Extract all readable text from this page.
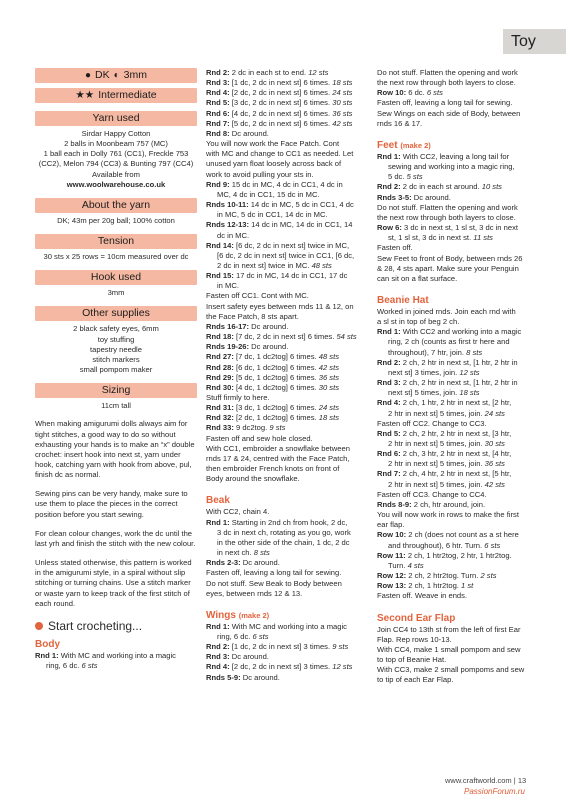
Toy
● DK ◐ 3mm
★★ Intermediate
Yarn used
Sirdar Happy Cotton
2 balls in Moonbeam 757 (MC)
1 ball each in Dolly 761 (CC1), Freckle 753
(CC2), Melon 794 (CC3) & Bunting 797 (CC4)
Available from
www.woolwarehouse.co.uk
About the yarn
DK; 43m per 20g ball; 100% cotton
Tension
30 sts x 25 rows = 10cm measured over dc
Hook used
3mm
Other supplies
2 black safety eyes, 6mm
toy stuffing
tapestry needle
stitch markers
small pompom maker
Sizing
11cm tall

When making amigurumi dolls always aim for tight stitches, a good way to do so without exhausting your hands is to make an “x” double crochet: insert hook into next st, yarn under hook, catching yarn with hook from above, pul, finish dc as normal.

Sewing pins can be very handy, make sure to use them to place the pieces in the correct position before you start sewing.

For clean colour changes, work the dc until the last yrh and finish the stitch with the new colour.

Unless stated otherwise, this pattern is worked in the amigurumi style, in a spiral without slip stitching or turning chains. Use a stitch marker or waste yarn to keep track of the first stitch of each round.

Start crocheting...
Body
Rnd 1: With MC and working into a magic
ring, 6 dc. 6 sts
Rnd 2: 2 dc in each st to end. 12 sts
Rnd 3: [1 dc, 2 dc in next st] 6 times. 18 sts
Rnd 4: [2 dc, 2 dc in next st] 6 times. 24 sts
Rnd 5: [3 dc, 2 dc in next st] 6 times. 30 sts
Rnd 6: [4 dc, 2 dc in next st] 6 times. 36 sts
Rnd 7: [5 dc, 2 dc in next st] 6 times. 42 sts
Rnd 8: Dc around.
You will now work the Face Patch. Cont
with MC and change to CC1 as needed. Let
unused yarn float loosely across back of
work to avoid pulling your sts in.
Rnd 9: 15 dc in MC, 4 dc in CC1, 4 dc in
MC, 4 dc in CC1, 15 dc in MC.
Rnds 10-11: 14 dc in MC, 5 dc in CC1, 4 dc
in MC, 5 dc in CC1, 14 dc in MC.
Rnds 12-13: 14 dc in MC, 14 dc in CC1, 14
dc in MC.
Rnd 14: [6 dc, 2 dc in next st] twice in MC,
[6 dc, 2 dc in next st] twice in CC1, [6 dc,
2 dc in next st] twice in MC. 48 sts
Rnd 15: 17 dc in MC, 14 dc in CC1, 17 dc
in MC.
Fasten off CC1. Cont with MC.
Insert safety eyes between rnds 11 & 12, on
the Face Patch, 8 sts apart.
Rnds 16-17: Dc around.
Rnd 18: [7 dc, 2 dc in next st] 6 times. 54 sts
Rnds 19-26: Dc around.
Rnd 27: [7 dc, 1 dc2tog] 6 times. 48 sts
Rnd 28: [6 dc, 1 dc2tog] 6 times. 42 sts
Rnd 29: [5 dc, 1 dc2tog] 6 times. 36 sts
Rnd 30: [4 dc, 1 dc2tog] 6 times. 30 sts
Stuff firmly to here.
Rnd 31: [3 dc, 1 dc2tog] 6 times. 24 sts
Rnd 32: [2 dc, 1 dc2tog] 6 times. 18 sts
Rnd 33: 9 dc2tog. 9 sts
Fasten off and sew hole closed.
With CC1, embroider a snowflake between
rnds 17 & 24, centred with the Face Patch,
then embroider French knots on front of
Body around the snowflake.
Beak
With CC2, chain 4.
Rnd 1: Starting in 2nd ch from hook, 2 dc,
3 dc in next ch, rotating as you go, work
in the other side of the chain, 1 dc, 2 dc
in next ch. 8 sts
Rnds 2-3: Dc around.
Fasten off, leaving a long tail for sewing.
Do not stuff. Sew Beak to Body between
eyes, between rnds 12 & 13.
Wings (make 2)
Rnd 1: With MC and working into a magic
ring, 6 dc. 6 sts
Rnd 2: [1 dc, 2 dc in next st] 3 times. 9 sts
Rnd 3: Dc around.
Rnd 4: [2 dc, 2 dc in next st] 3 times. 12 sts
Rnds 5-9: Dc around.
Do not stuff. Flatten the opening and work
the next row through both layers to close.
Row 10: 6 dc. 6 sts
Fasten off, leaving a long tail for sewing.
Sew Wings on each side of Body, between
rnds 16 & 17.
Feet (make 2)
Rnd 1: With CC2, leaving a long tail for
sewing and working into a magic ring,
5 dc. 5 sts
Rnd 2: 2 dc in each st around. 10 sts
Rnds 3-5: Dc around.
Do not stuff. Flatten the opening and work
the next row through both layers to close.
Row 6: 3 dc in next st, 1 sl st, 3 dc in next
st, 1 sl st, 3 dc in next st. 11 sts
Fasten off.
Sew Feet to front of Body, between rnds 26
& 28, 4 sts apart. Make sure your Penguin
can sit on a flat surface.
Beanie Hat
Worked in joined rnds. Join each rnd with
a sl st in top of beg 2 ch.
Rnd 1: With CC2 and working into a magic
ring, 2 ch (counts as first tr here and
throughout), 7 htr, join. 8 sts
Rnd 2: 2 ch, 2 htr in next st, [1 htr, 2 htr in
next st] 3 times, join. 12 sts
Rnd 3: 2 ch, 2 htr in next st, [1 htr, 2 htr in
next st] 5 times, join. 18 sts
Rnd 4: 2 ch, 1 htr, 2 htr in next st, [2 htr,
2 htr in next st] 5 times, join. 24 sts
Fasten off CC2. Change to CC3.
Rnd 5: 2 ch, 2 htr, 2 htr in next st, [3 htr,
2 htr in next st] 5 times, join. 30 sts
Rnd 6: 2 ch, 3 htr, 2 htr in next st, [4 htr,
2 htr in next st] 5 times, join. 36 sts
Rnd 7: 2 ch, 4 htr, 2 htr in next st, [5 htr,
2 htr in next st] 5 times, join. 42 sts
Fasten off CC3. Change to CC4.
Rnds 8-9: 2 ch, htr around, join.
You will now work in rows to make the first
ear flap.
Row 10: 2 ch (does not count as a st here
and throughout), 6 htr. Turn. 6 sts
Row 11: 2 ch, 1 htr2tog, 2 htr, 1 htr2tog.
Turn. 4 sts
Row 12: 2 ch, 2 htr2tog. Turn. 2 sts
Row 13: 2 ch, 1 htr2tog. 1 st
Fasten off. Weave in ends.
Second Ear Flap
Join CC4 to 13th st from the left of first Ear
Flap. Rep rows 10-13.
With CC4, make 1 small pompom and sew
to top of Beanie Hat.
With CC3, make 2 small pompoms and sew
to tip of each Ear Flap.
www.craftworld.com | 13
PassionForum.ru
